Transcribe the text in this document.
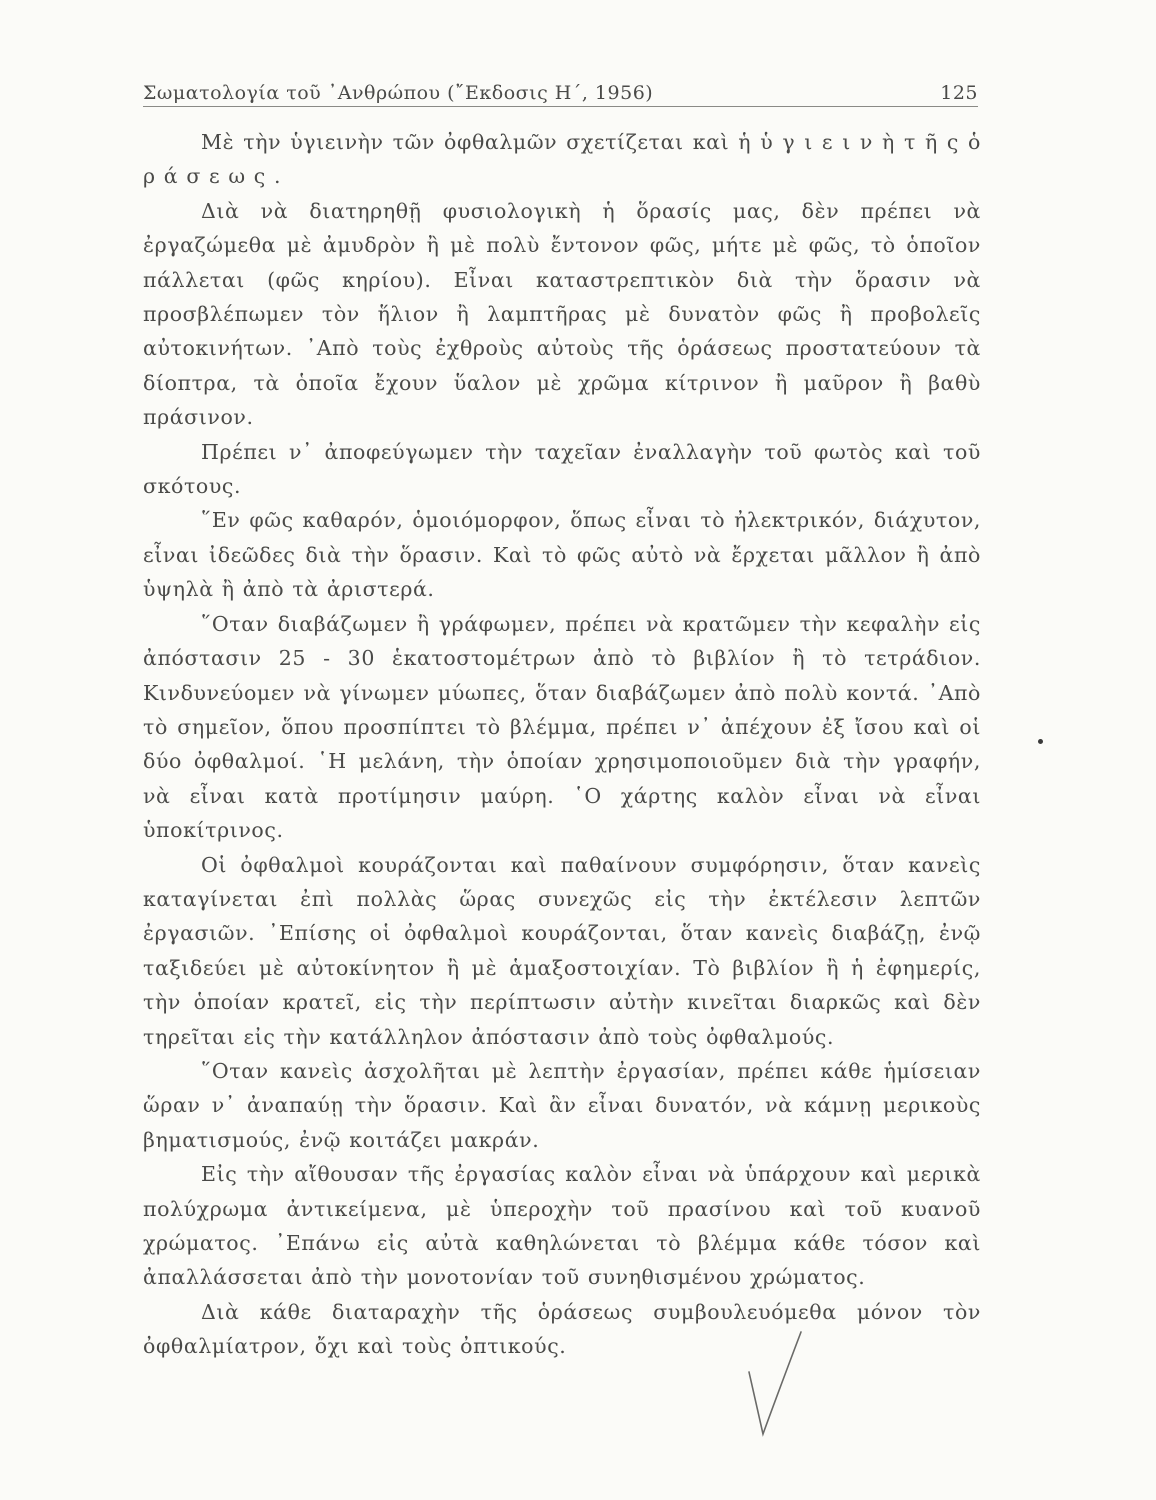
Σωματολογία τοῦ ᾿Ανθρώπου (῎Εκδοσις Η΄, 1956)	125

Μὲ τὴν ὑγιεινὴν τῶν ὀφθαλμῶν σχετίζεται καὶ ἡ ὑ γ ι ε ι ν ὴ τ ῆ ς ὁ ρ ά σ ε ω ς .

Διὰ νὰ διατηρηθῇ φυσιολογικὴ ἡ ὅρασίς μας, δὲν πρέπει νὰ ἐργαζώμεθα μὲ ἀμυδρὸν ἢ μὲ πολὺ ἔντονον φῶς, μήτε μὲ φῶς, τὸ ὁποῖον πάλλεται (φῶς κηρίου). Εἶναι καταστρεπτικὸν διὰ τὴν ὅρασιν νὰ προσβλέπωμεν τὸν ἥλιον ἢ λαμπτῆρας μὲ δυνατὸν φῶς ἢ προβολεῖς αὐτοκινήτων. ᾿Απὸ τοὺς ἐχθροὺς αὐτοὺς τῆς ὁράσεως προστατεύουν τὰ δίοπτρα, τὰ ὁποῖα ἔχουν ὕαλον μὲ χρῶμα κίτρινον ἢ μαῦρον ἢ βαθὺ πράσινον.

Πρέπει ν᾿ ἀποφεύγωμεν τὴν ταχεῖαν ἐναλλαγὴν τοῦ φωτὸς καὶ τοῦ σκότους.

῞Εν φῶς καθαρόν, ὁμοιόμορφον, ὅπως εἶναι τὸ ἠλεκτρικόν, διάχυτον, εἶναι ἰδεῶδες διὰ τὴν ὅρασιν. Καὶ τὸ φῶς αὐτὸ νὰ ἔρχεται μᾶλλον ἢ ἀπὸ ὑψηλὰ ἢ ἀπὸ τὰ ἀριστερά.

῞Οταν διαβάζωμεν ἢ γράφωμεν, πρέπει νὰ κρατῶμεν τὴν κεφαλὴν εἰς ἀπόστασιν 25 - 30 ἑκατοστομέτρων ἀπὸ τὸ βιβλίον ἢ τὸ τετράδιον. Κινδυνεύομεν νὰ γίνωμεν μύωπες, ὅταν διαβάζωμεν ἀπὸ πολὺ κοντά. ᾿Απὸ τὸ σημεῖον, ὅπου προσπίπτει τὸ βλέμμα, πρέπει ν᾿ ἀπέχουν ἐξ ἴσου καὶ οἱ δύο ὀφθαλμοί. ῾Η μελάνη, τὴν ὁποίαν χρησιμοποιοῦμεν διὰ τὴν γραφήν, νὰ εἶναι κατὰ προτίμησιν μαύρη. ῾Ο χάρτης καλὸν εἶναι νὰ εἶναι ὑποκίτρινος.

Οἱ ὀφθαλμοὶ κουράζονται καὶ παθαίνουν συμφόρησιν, ὅταν κανεὶς καταγίνεται ἐπὶ πολλὰς ὥρας συνεχῶς εἰς τὴν ἐκτέλεσιν λεπτῶν ἐργασιῶν. ᾿Επίσης οἱ ὀφθαλμοὶ κουράζονται, ὅταν κανεὶς διαβάζῃ, ἐνῷ ταξιδεύει μὲ αὐτοκίνητον ἢ μὲ ἁμαξοστοιχίαν. Τὸ βιβλίον ἢ ἡ ἐφημερίς, τὴν ὁποίαν κρατεῖ, εἰς τὴν περίπτωσιν αὐτὴν κινεῖται διαρκῶς καὶ δὲν τηρεῖται εἰς τὴν κατάλληλον ἀπόστασιν ἀπὸ τοὺς ὀφθαλμούς.

῞Οταν κανεὶς ἀσχολῆται μὲ λεπτὴν ἐργασίαν, πρέπει κάθε ἡμίσειαν ὥραν ν᾿ ἀναπαύῃ τὴν ὅρασιν. Καὶ ἂν εἶναι δυνατόν, νὰ κάμνῃ μερικοὺς βηματισμούς, ἐνῷ κοιτάζει μακράν.

Εἰς τὴν αἴθουσαν τῆς ἐργασίας καλὸν εἶναι νὰ ὑπάρχουν καὶ μερικὰ πολύχρωμα ἀντικείμενα, μὲ ὑπεροχὴν τοῦ πρασίνου καὶ τοῦ κυανοῦ χρώματος. ᾿Επάνω εἰς αὐτὰ καθηλώνεται τὸ βλέμμα κάθε τόσον καὶ ἀπαλλάσσεται ἀπὸ τὴν μονοτονίαν τοῦ συνηθισμένου χρώματος.

Διὰ κάθε διαταραχὴν τῆς ὁράσεως συμβουλευόμεθα μόνον τὸν ὀφθαλμίατρον, ὄχι καὶ τοὺς ὀπτικούς.
